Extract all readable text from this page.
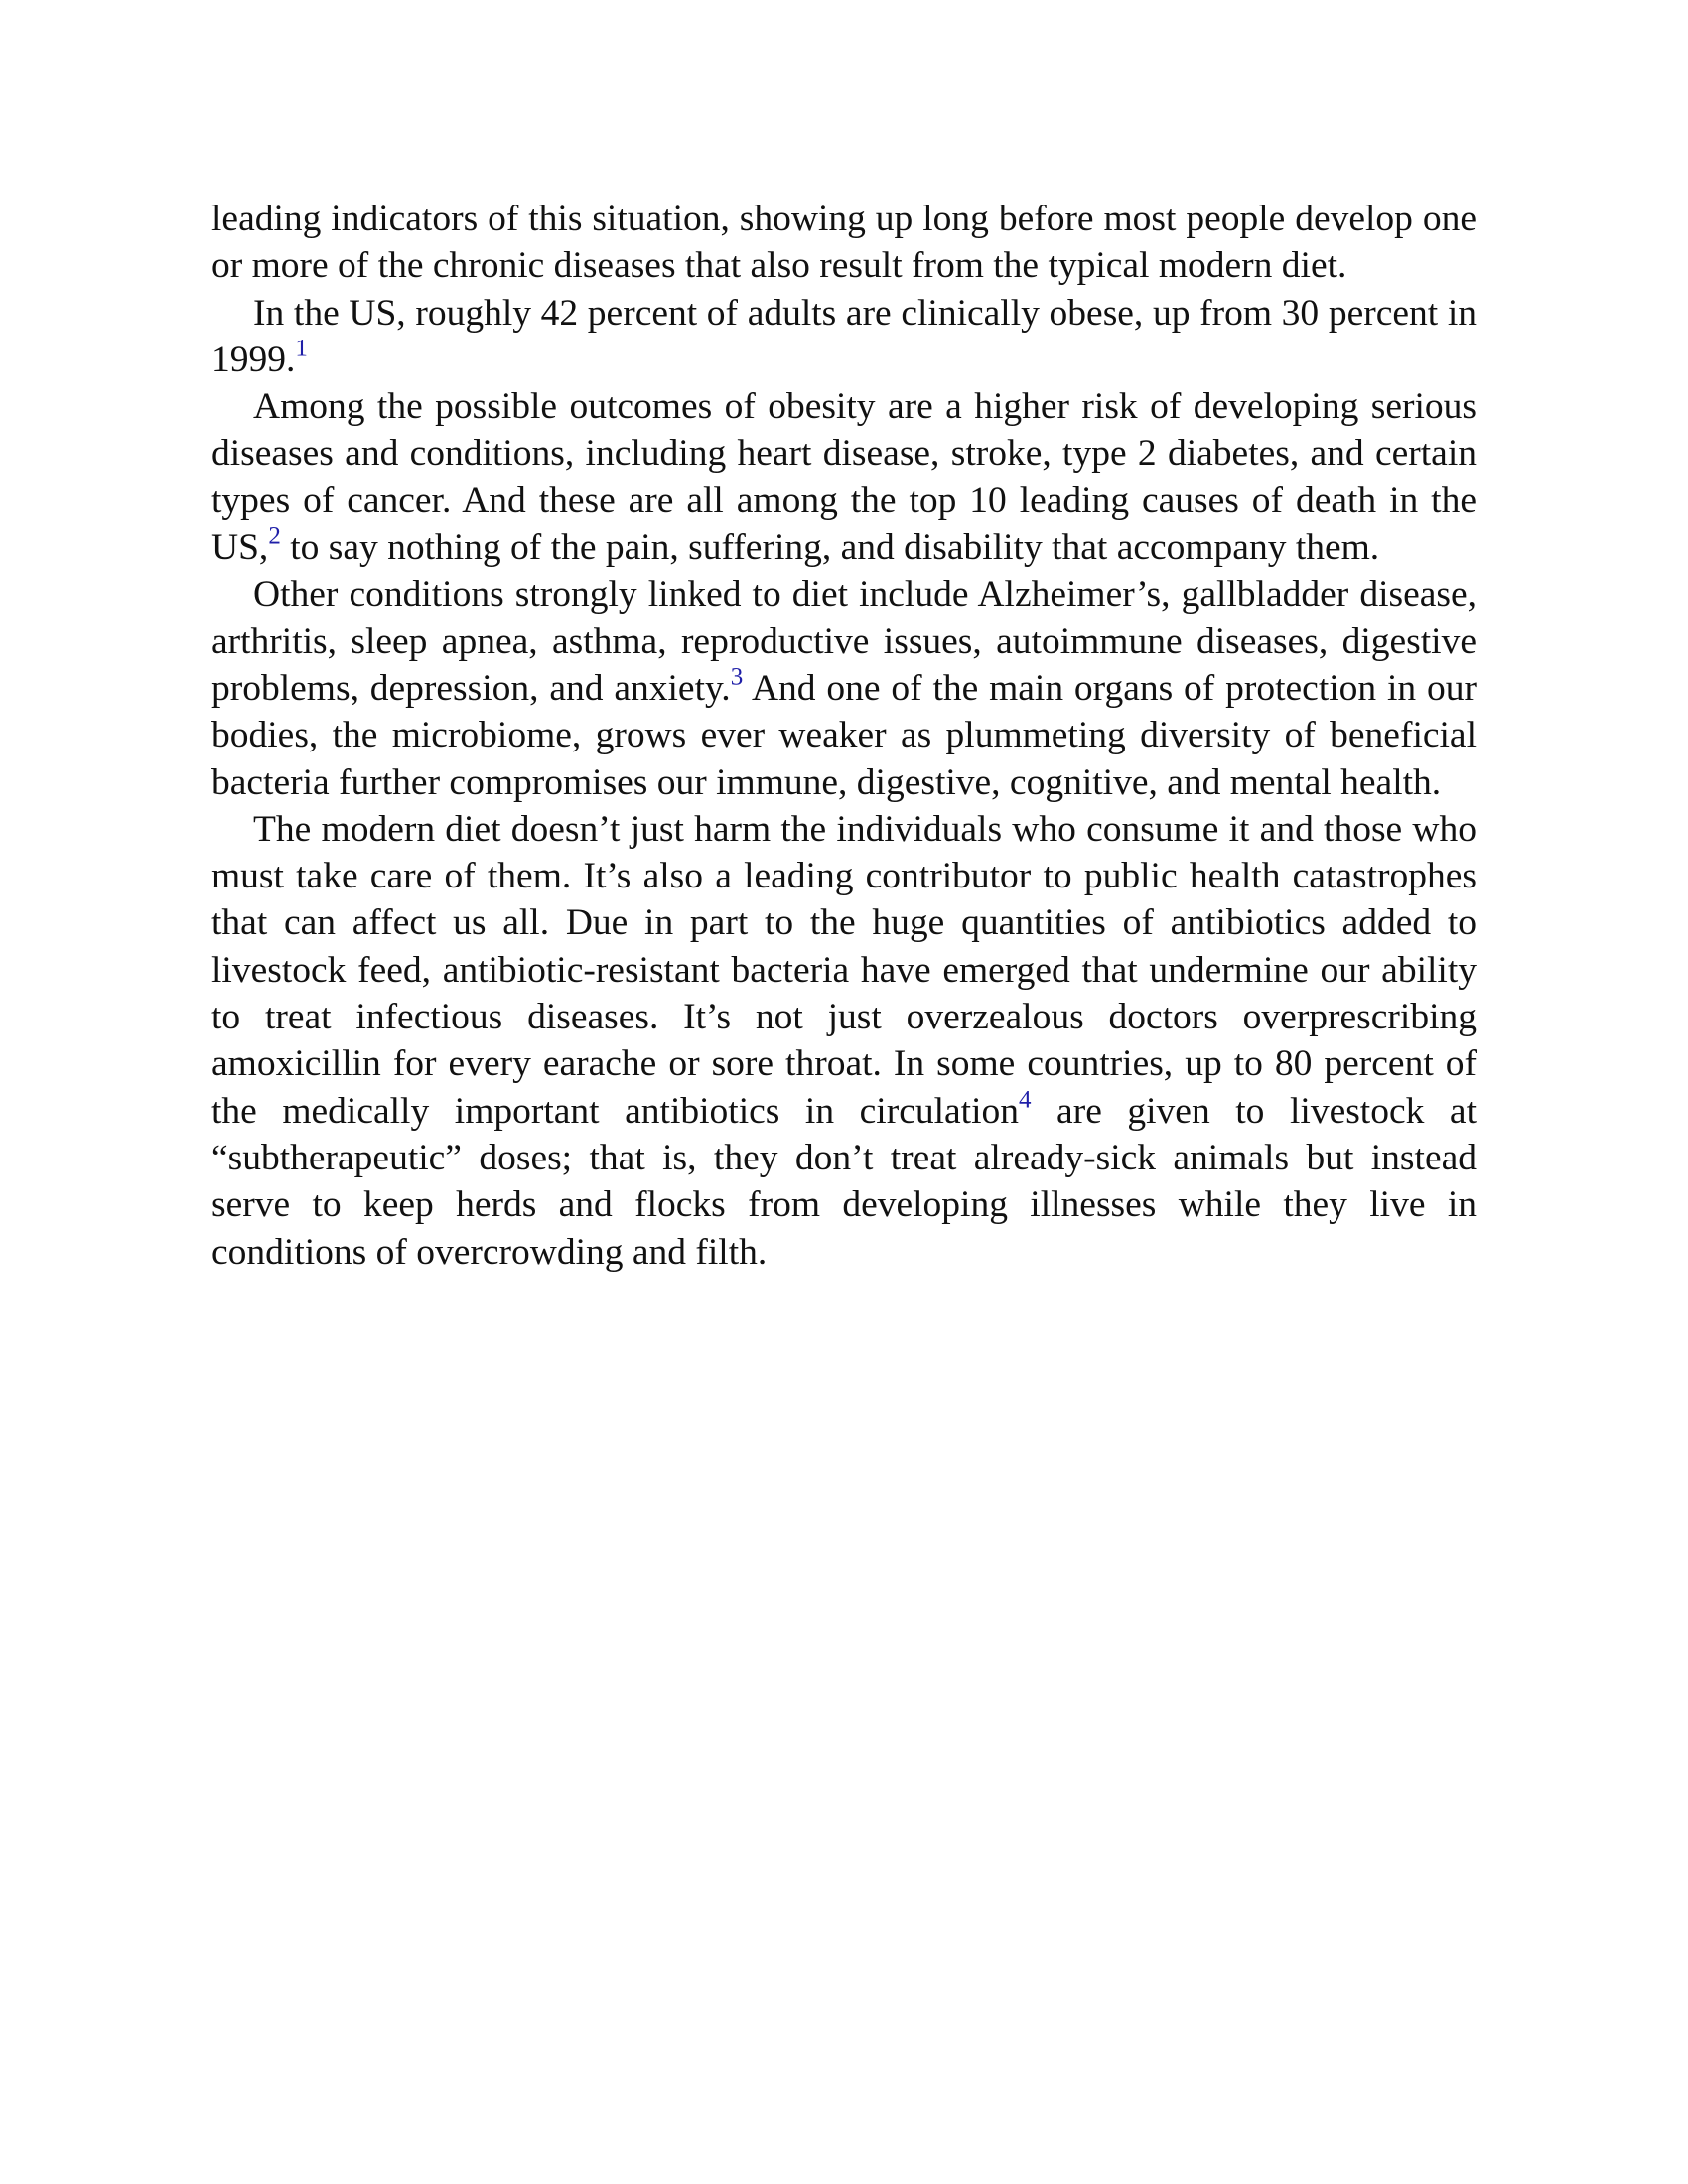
leading indicators of this situation, showing up long before most people develop one or more of the chronic diseases that also result from the typical modern diet.

In the US, roughly 42 percent of adults are clinically obese, up from 30 percent in 1999.$^1$

Among the possible outcomes of obesity are a higher risk of developing serious diseases and conditions, including heart disease, stroke, type 2 diabetes, and certain types of cancer. And these are all among the top 10 leading causes of death in the US,$^2$ to say nothing of the pain, suffering, and disability that accompany them.

Other conditions strongly linked to diet include Alzheimer’s, gallbladder disease, arthritis, sleep apnea, asthma, reproductive issues, autoimmune diseases, digestive problems, depression, and anxiety.$^3$ And one of the main organs of protection in our bodies, the microbiome, grows ever weaker as plummeting diversity of beneficial bacteria further compromises our immune, digestive, cognitive, and mental health.

The modern diet doesn’t just harm the individuals who consume it and those who must take care of them. It’s also a leading contributor to public health catastrophes that can affect us all. Due in part to the huge quantities of antibiotics added to livestock feed, antibiotic-resistant bacteria have emerged that undermine our ability to treat infectious diseases. It’s not just overzealous doctors overprescribing amoxicillin for every earache or sore throat. In some countries, up to 80 percent of the medically important antibiotics in circulation$^4$ are given to livestock at “subtherapeutic” doses; that is, they don’t treat already-sick animals but instead serve to keep herds and flocks from developing illnesses while they live in conditions of overcrowding and filth.
